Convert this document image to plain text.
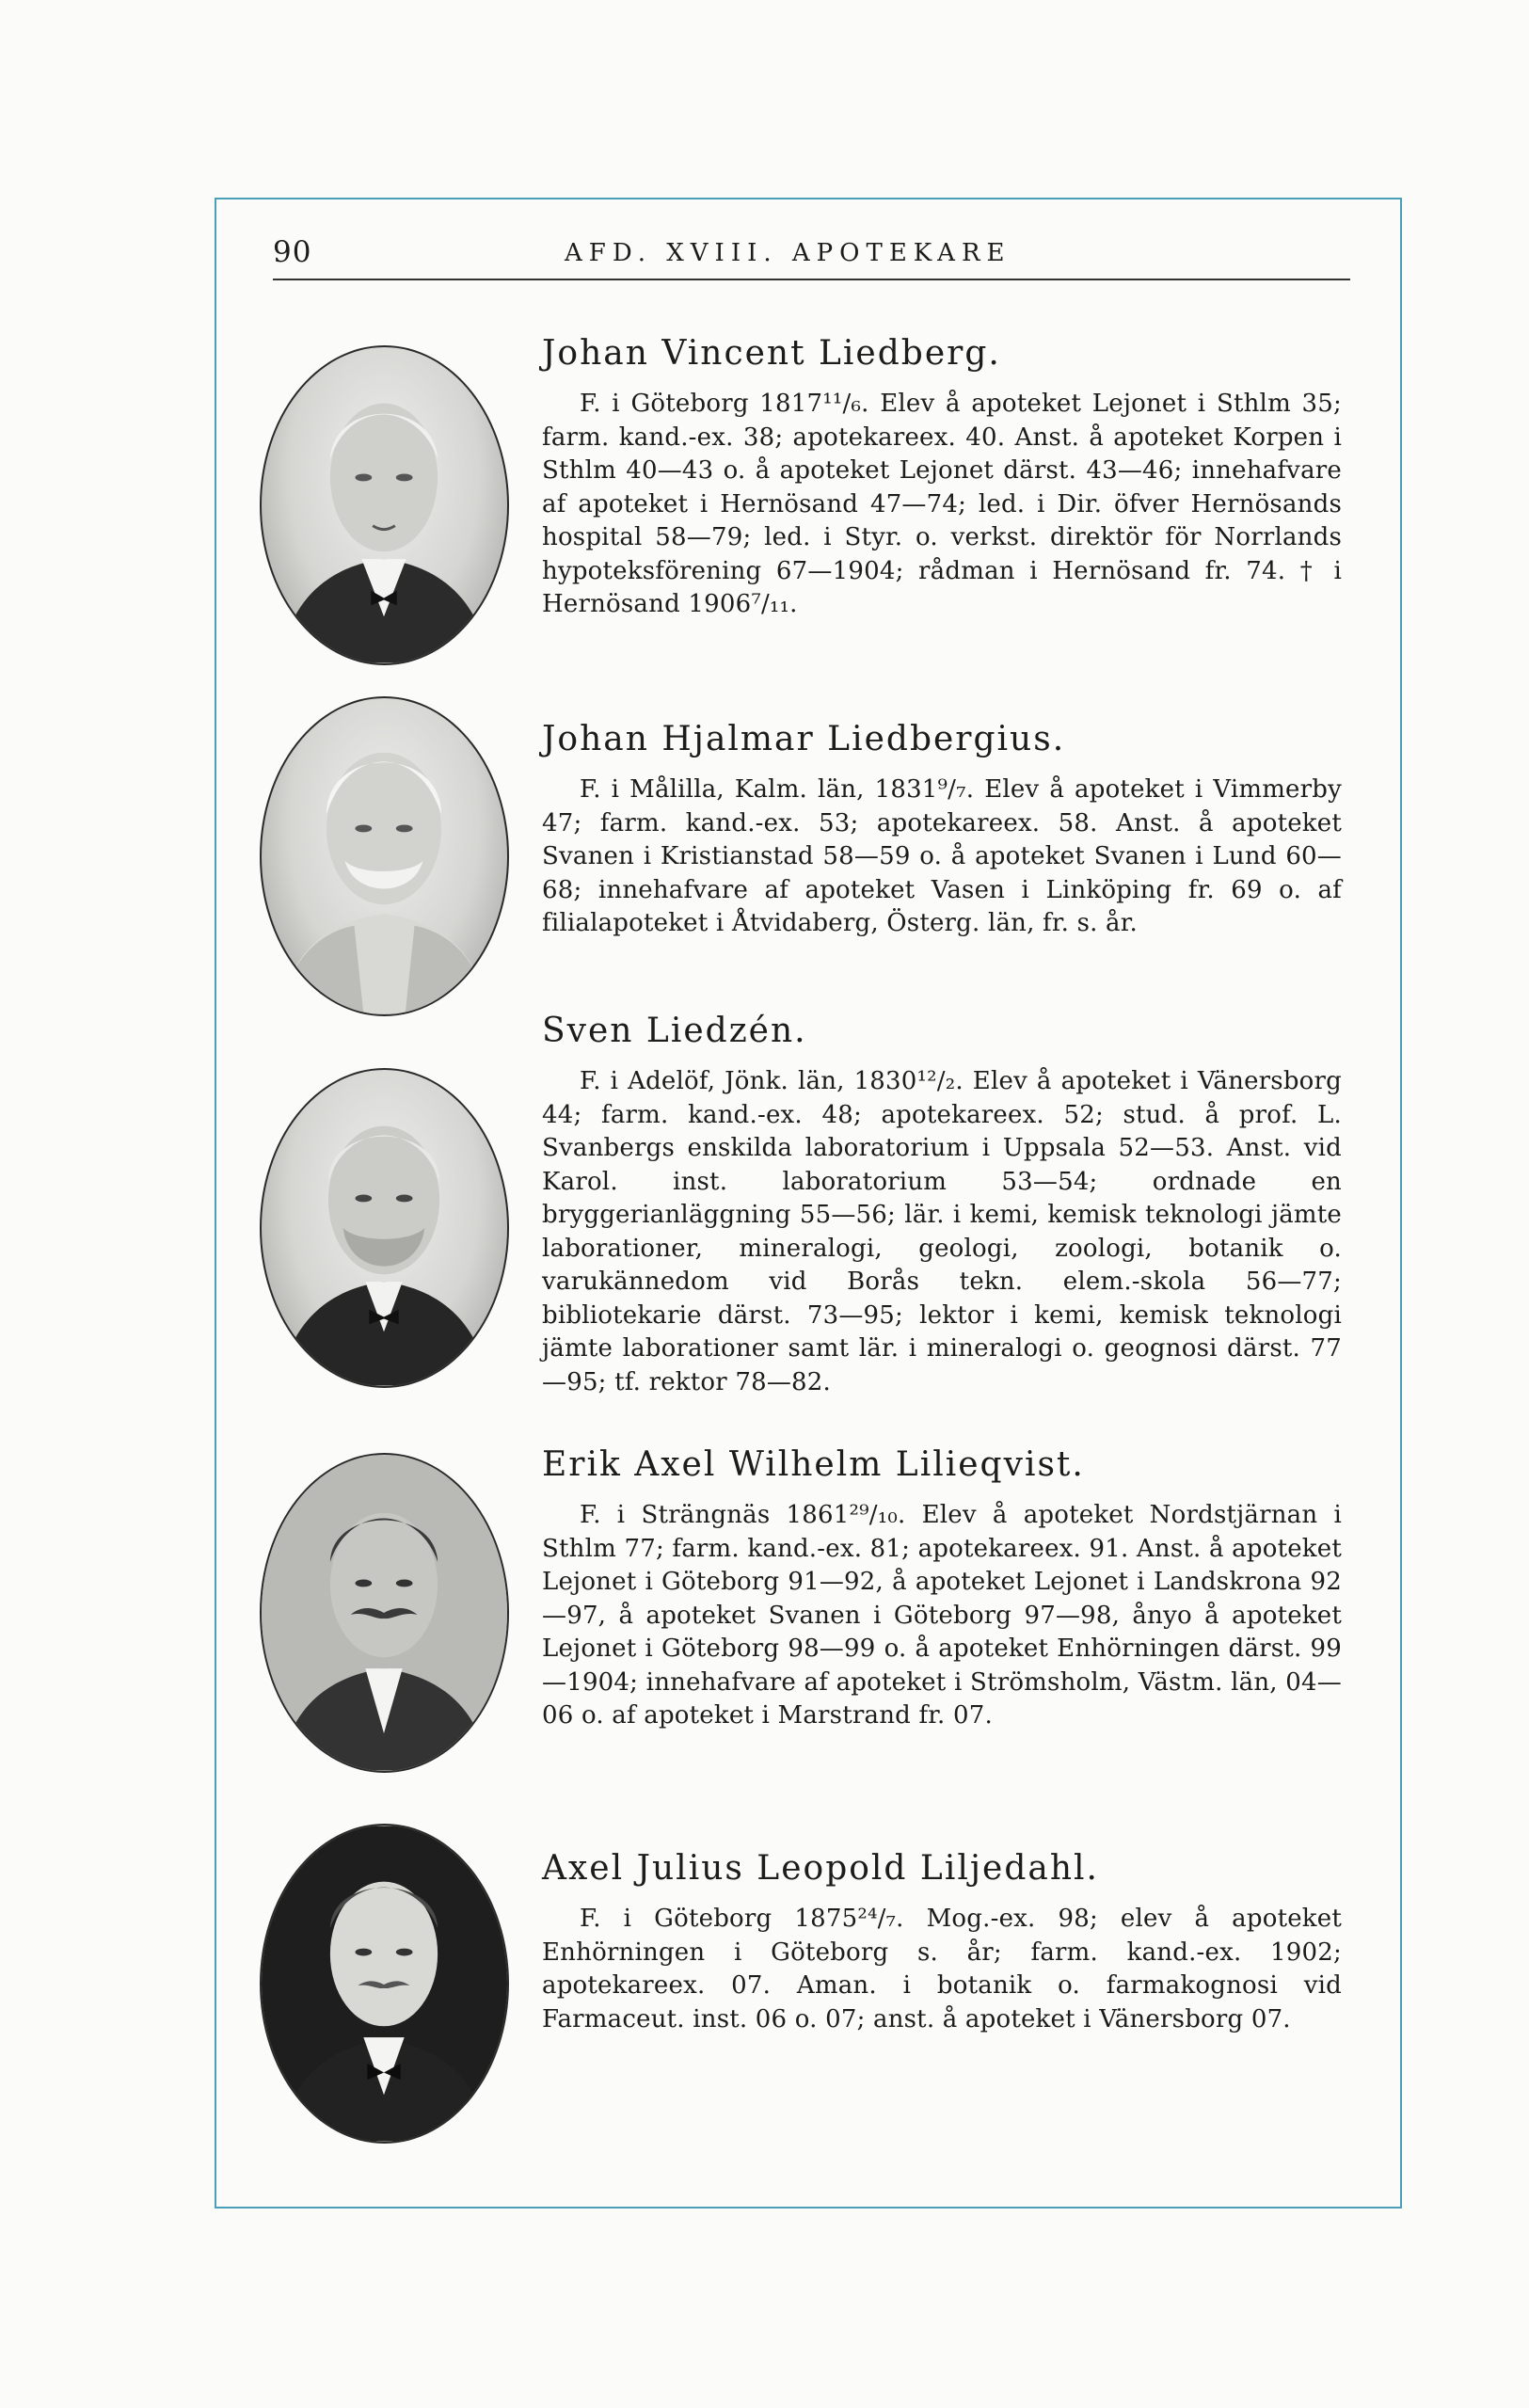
90	AFD. XVIII. APOTEKARE
Johan Vincent Liedberg.

F. i Göteborg 1817¹¹/₆. Elev å apoteket Lejonet i Sthlm 35; farm. kand.-ex. 38; apotekareex. 40. Anst. å apoteket Korpen i Sthlm 40—43 o. å apoteket Lejonet därst. 43—46; innehafvare af apoteket i Hernösand 47—74; led. i Dir. öfver Hernösands hospital 58—79; led. i Styr. o. verkst. direktör för Norrlands hypoteksförening 67—1904; rådman i Hernösand fr. 74. † i Hernösand 1906⁷/₁₁.

Johan Hjalmar Liedbergius.

F. i Målilla, Kalm. län, 1831⁹/₇. Elev å apoteket i Vimmerby 47; farm. kand.-ex. 53; apotekareex. 58. Anst. å apoteket Svanen i Kristianstad 58—59 o. å apoteket Svanen i Lund 60—68; innehafvare af apoteket Vasen i Linköping fr. 69 o. af filialapoteket i Åtvidaberg, Österg. län, fr. s. år.

Sven Liedzén.

F. i Adelöf, Jönk. län, 1830¹²/₂. Elev å apoteket i Vänersborg 44; farm. kand.-ex. 48; apotekareex. 52; stud. å prof. L. Svanbergs enskilda laboratorium i Uppsala 52—53. Anst. vid Karol. inst. laboratorium 53—54; ordnade en bryggerianläggning 55—56; lär. i kemi, kemisk teknologi jämte laborationer, mineralogi, geologi, zoologi, botanik o. varukännedom vid Borås tekn. elem.-skola 56—77; bibliotekarie därst. 73—95; lektor i kemi, kemisk teknologi jämte laborationer samt lär. i mineralogi o. geognosi därst. 77—95; tf. rektor 78—82.

Erik Axel Wilhelm Lilieqvist.

F. i Strängnäs 1861²⁹/₁₀. Elev å apoteket Nordstjärnan i Sthlm 77; farm. kand.-ex. 81; apotekareex. 91. Anst. å apoteket Lejonet i Göteborg 91—92, å apoteket Lejonet i Landskrona 92—97, å apoteket Svanen i Göteborg 97—98, ånyo å apoteket Lejonet i Göteborg 98—99 o. å apoteket Enhörningen därst. 99—1904; innehafvare af apoteket i Strömsholm, Västm. län, 04—06 o. af apoteket i Marstrand fr. 07.

Axel Julius Leopold Liljedahl.

F. i Göteborg 1875²⁴/₇. Mog.-ex. 98; elev å apoteket Enhörningen i Göteborg s. år; farm. kand.-ex. 1902; apotekareex. 07. Aman. i botanik o. farmakognosi vid Farmaceut. inst. 06 o. 07; anst. å apoteket i Vänersborg 07.
